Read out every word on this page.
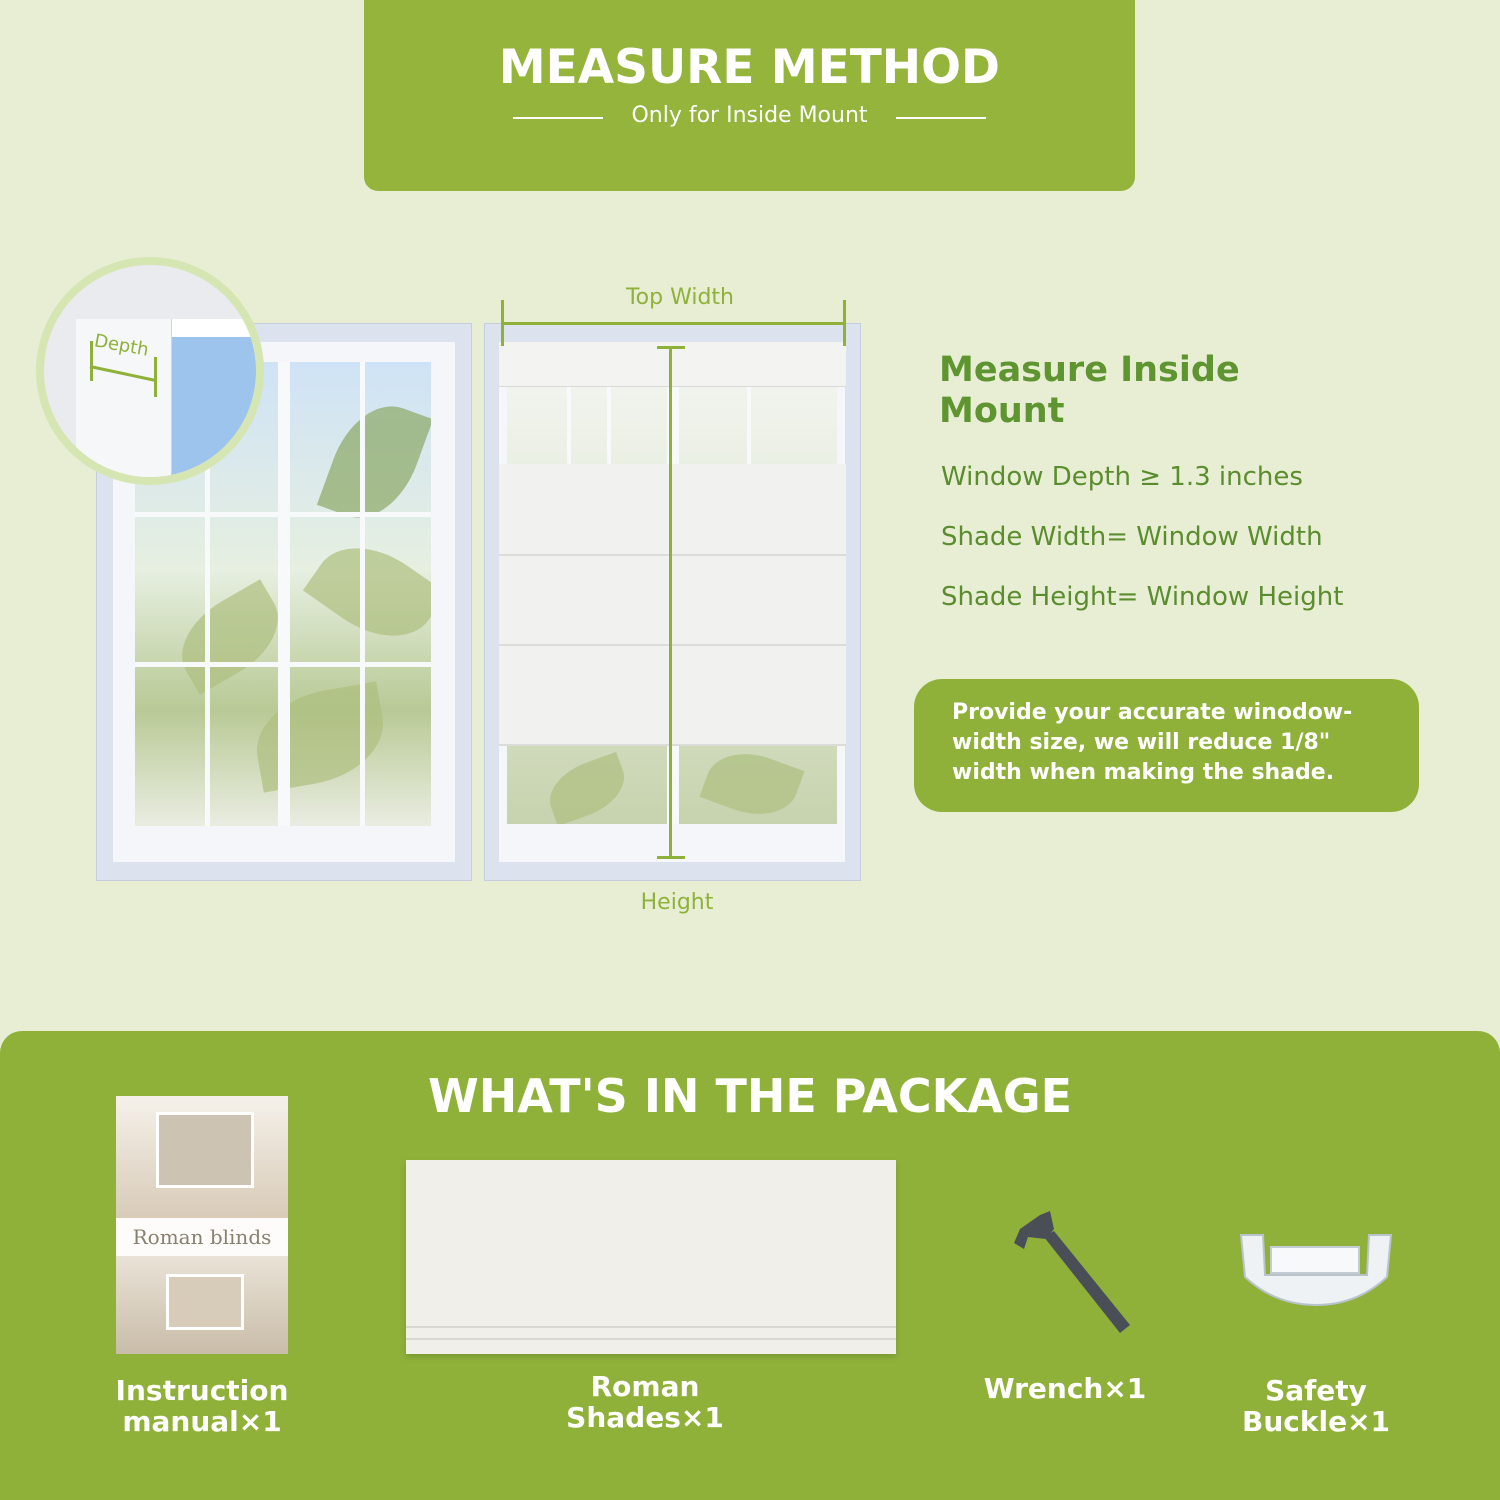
MEASURE METHOD
Only for Inside Mount
Depth
Top Width
Height
Measure Inside Mount
Window Depth ≥ 1.3 inches
Shade Width= Window Width
Shade Height= Window Height
Provide your accurate winodow-width size, we will reduce 1/8" width when making the shade.
WHAT'S IN THE PACKAGE
Roman blinds
Instruction manual×1
Roman Shades×1
Wrench×1	Safety Buckle×1
